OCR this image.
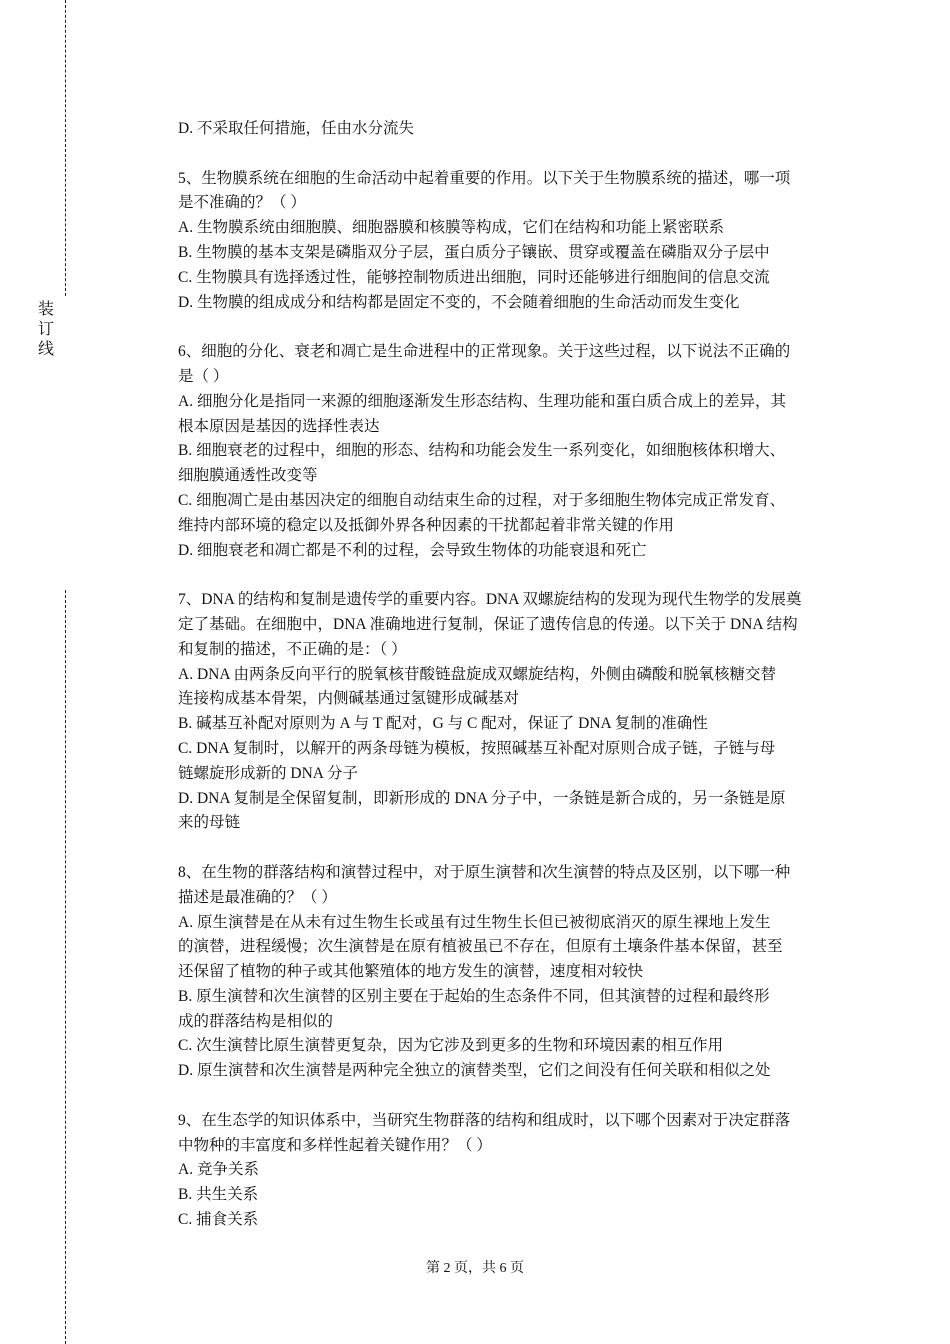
装订线
D. 不采取任何措施，任由水分流失
5、生物膜系统在细胞的生命活动中起着重要的作用。以下关于生物膜系统的描述，哪一项
是不准确的？（ ）
A. 生物膜系统由细胞膜、细胞器膜和核膜等构成，它们在结构和功能上紧密联系
B. 生物膜的基本支架是磷脂双分子层，蛋白质分子镶嵌、贯穿或覆盖在磷脂双分子层中
C. 生物膜具有选择透过性，能够控制物质进出细胞，同时还能够进行细胞间的信息交流
D. 生物膜的组成成分和结构都是固定不变的，不会随着细胞的生命活动而发生变化
6、细胞的分化、衰老和凋亡是生命进程中的正常现象。关于这些过程，以下说法不正确的
是（ ）
A. 细胞分化是指同一来源的细胞逐渐发生形态结构、生理功能和蛋白质合成上的差异，其
根本原因是基因的选择性表达
B. 细胞衰老的过程中，细胞的形态、结构和功能会发生一系列变化，如细胞核体积增大、
细胞膜通透性改变等
C. 细胞凋亡是由基因决定的细胞自动结束生命的过程，对于多细胞生物体完成正常发育、
维持内部环境的稳定以及抵御外界各种因素的干扰都起着非常关键的作用
D. 细胞衰老和凋亡都是不利的过程，会导致生物体的功能衰退和死亡
7、DNA 的结构和复制是遗传学的重要内容。DNA 双螺旋结构的发现为现代生物学的发展奠
定了基础。在细胞中，DNA 准确地进行复制，保证了遗传信息的传递。以下关于 DNA 结构
和复制的描述，不正确的是：（ ）
A. DNA 由两条反向平行的脱氧核苷酸链盘旋成双螺旋结构，外侧由磷酸和脱氧核糖交替
连接构成基本骨架，内侧碱基通过氢键形成碱基对
B. 碱基互补配对原则为 A 与 T 配对，G 与 C 配对，保证了 DNA 复制的准确性
C. DNA 复制时，以解开的两条母链为模板，按照碱基互补配对原则合成子链，子链与母
链螺旋形成新的 DNA 分子
D. DNA 复制是全保留复制，即新形成的 DNA 分子中，一条链是新合成的，另一条链是原
来的母链
8、在生物的群落结构和演替过程中，对于原生演替和次生演替的特点及区别，以下哪一种
描述是最准确的？（ ）
A. 原生演替是在从未有过生物生长或虽有过生物生长但已被彻底消灭的原生裸地上发生
的演替，进程缓慢；次生演替是在原有植被虽已不存在，但原有土壤条件基本保留，甚至
还保留了植物的种子或其他繁殖体的地方发生的演替，速度相对较快
B. 原生演替和次生演替的区别主要在于起始的生态条件不同，但其演替的过程和最终形
成的群落结构是相似的
C. 次生演替比原生演替更复杂，因为它涉及到更多的生物和环境因素的相互作用
D. 原生演替和次生演替是两种完全独立的演替类型，它们之间没有任何关联和相似之处
9、在生态学的知识体系中，当研究生物群落的结构和组成时，以下哪个因素对于决定群落
中物种的丰富度和多样性起着关键作用？（ ）
A. 竞争关系
B. 共生关系
C. 捕食关系
第 2 页，共 6 页
